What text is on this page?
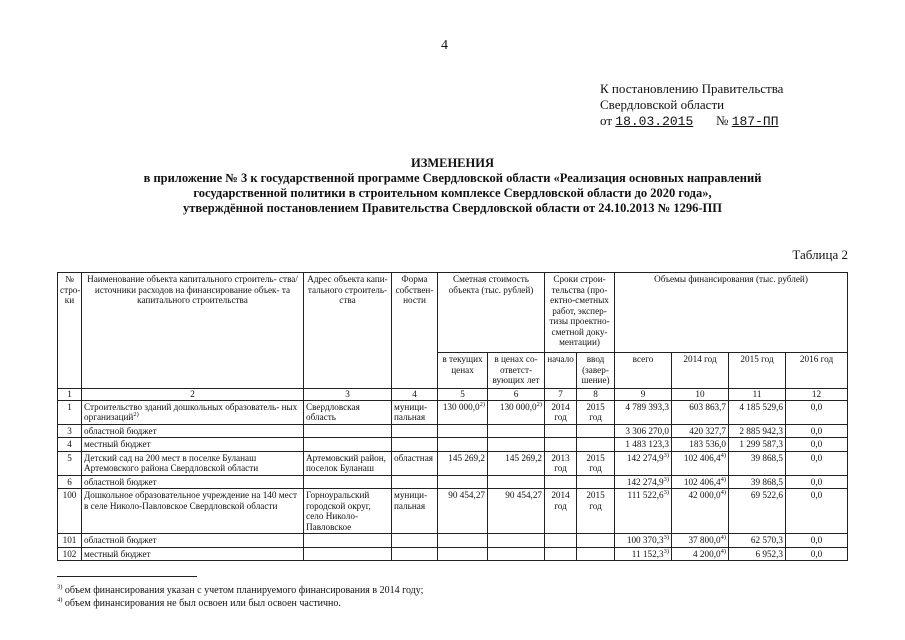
4
К постановлению Правительства
Свердловской области
от 18.03.2015 № 187-ПП
ИЗМЕНЕНИЯ
в приложение № 3 к государственной программе Свердловской области «Реализация основных направлений
государственной политики в строительном комплексе Свердловской области до 2020 года»,
утверждённой постановлением Правительства Свердловской области от 24.10.2013 № 1296-ПП
Таблица 2
№ стро- ки	Наименование объекта капитального строитель- ства/источники расходов на финансирование объек- та капитального строительства	Адрес объекта капи- тального строитель- ства	Форма собствен- ности	Сметная стоимость объекта (тыс. рублей)		Сроки строи- тельства (про- ектно-сметных работ, экспер- тизы проектно- сметной доку- ментации)		Объемы финансирования (тыс. рублей)			
				в текущих ценах	в ценах со- ответст- вующих лет	начало	ввод (завер- шение)	всего	2014 год	2015 год	2016 год
1	2	3	4	5	6	7	8	9	10	11	12
1	Строительство зданий дошкольных образователь- ных организаций$^{2)}$	Свердловская область	муници- пальная	130 000,0$^{2)}$	130 000,0$^{2)}$	2014 год	2015 год	4 789 393,3	603 863,7	4 185 529,6	0,0
3	областной бюджет							3 306 270,0	420 327,7	2 885 942,3	0,0
4	местный бюджет							1 483 123,3	183 536,0	1 299 587,3	0,0
5	Детский сад на 200 мест в поселке Буланаш Артемовского района Свердловской области	Артемовский район, поселок Буланаш	областная	145 269,2	145 269,2	2013 год	2015 год	142 274,9$^{3)}$	102 406,4$^{4)}$	39 868,5	0,0
6	областной бюджет							142 274,9$^{3)}$	102 406,4$^{4)}$	39 868,5	0,0
100	Дошкольное образовательное учреждение на 140 мест в селе Николо-Павловское Свердловской области	Горноуральский городской округ, село Николо- Павловское	муници- пальная	90 454,27	90 454,27	2014 год	2015 год	111 522,6$^{3)}$	42 000,0$^{4)}$	69 522,6	0,0
101	областной бюджет							100 370,3$^{3)}$	37 800,0$^{4)}$	62 570,3	0,0
102	местный бюджет							11 152,3$^{3)}$	4 200,0$^{4)}$	6 952,3	0,0
$^{3)}$ объем финансирования указан с учетом планируемого финансирования в 2014 году;
$^{4)}$ объем финансирования не был освоен или был освоен частично.
